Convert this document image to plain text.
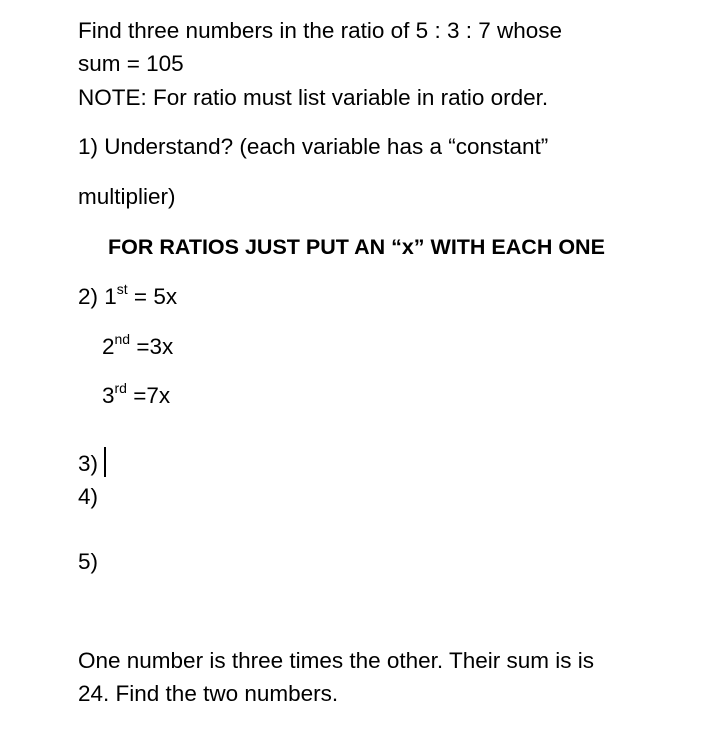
Find three numbers in the ratio of 5 : 3 : 7 whose
sum = 105
NOTE: For ratio must list variable in ratio order.
1) Understand? (each variable has a “constant”
multiplier)
FOR RATIOS JUST PUT AN “x” WITH EACH ONE
2) 1st = 5x
2nd =3x
3rd =7x
3)
4)
5)
One number is three times the other. Their sum is is
24. Find the two numbers.
